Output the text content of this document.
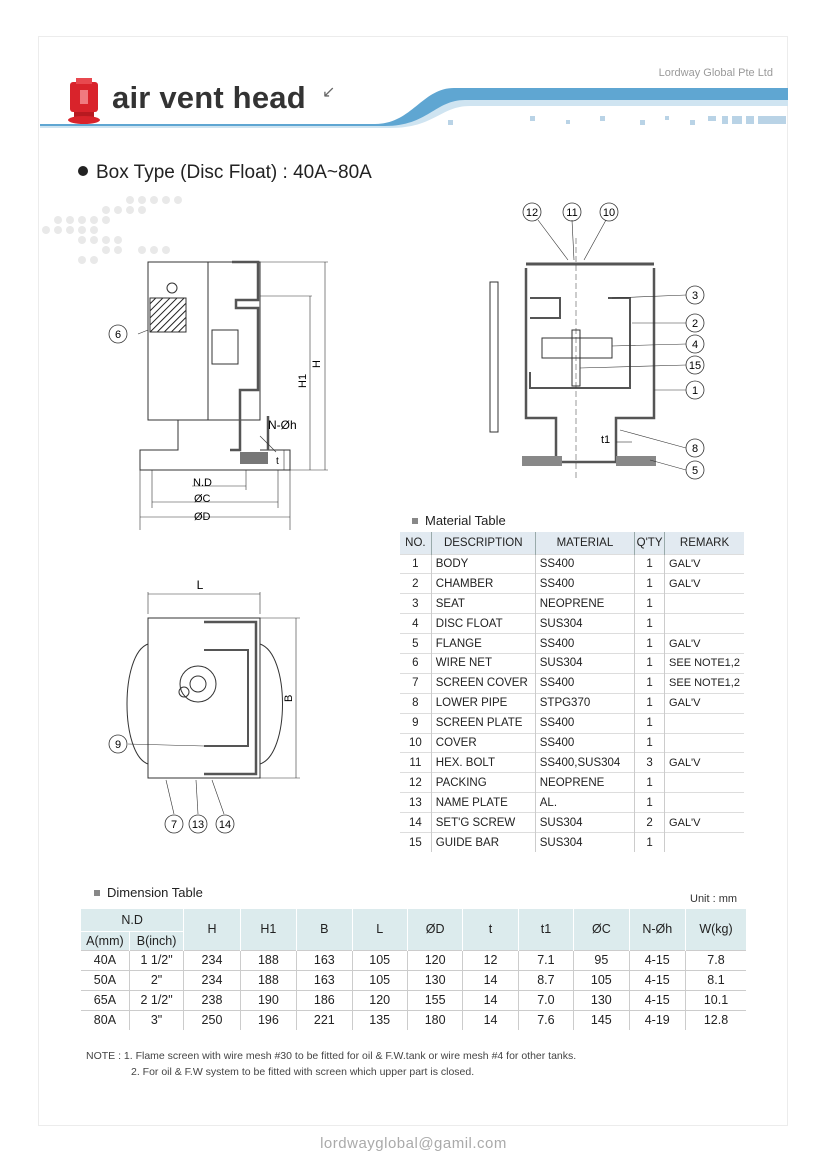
Lordway Global Pte Ltd
air vent head ↙
Box Type (Disc Float) : 40A~80A
6
N-Øh
N.D
ØC
ØD
H
H1
t
t1
12	11 10
3
2
4
15
1
8
5
L
B
9
7 13 14
Material Table
NO.	DESCRIPTION	MATERIAL	Q'TY	REMARK
1	BODY	SS400	1	GAL'V
2	CHAMBER	SS400	1	GAL'V
3	SEAT	NEOPRENE	1	
4	DISC FLOAT	SUS304	1	
5	FLANGE	SS400	1	GAL'V
6	WIRE NET	SUS304	1	SEE NOTE1,2
7	SCREEN COVER	SS400	1	SEE NOTE1,2
8	LOWER PIPE	STPG370	1	GAL'V
9	SCREEN PLATE	SS400	1	
10	COVER	SS400	1	
11	HEX. BOLT	SS400,SUS304	3	GAL'V
12	PACKING	NEOPRENE	1	
13	NAME PLATE	AL.	1	
14	SET'G SCREW	SUS304	2	GAL'V
15	GUIDE BAR	SUS304	1	
Dimension Table	Unit : mm
N.D		H	H1	B	L	ØD	t	t1	ØC	N-Øh	W(kg)
A(mm)	B(inch)										
40A	1 1/2"	234	188	163	105	120	12	7.1	95	4-15	7.8
50A	2"	234	188	163	105	130	14	8.7	105	4-15	8.1
65A	2 1/2"	238	190	186	120	155	14	7.0	130	4-15	10.1
80A	3"	250	196	221	135	180	14	7.6	145	4-19	12.8
NOTE : 1. Flame screen with wire mesh #30 to be fitted for oil & F.W.tank or wire mesh #4 for other tanks.
2. For oil & F.W system to be fitted with screen which upper part is closed.
lordwayglobal@gamil.com
